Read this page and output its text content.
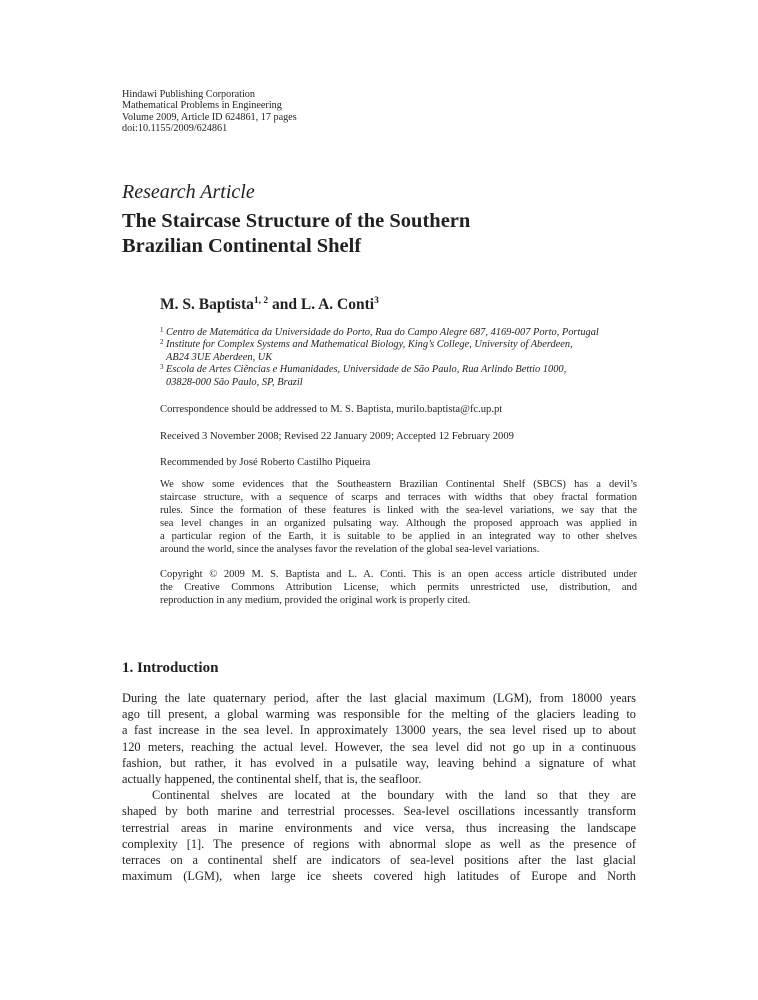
Hindawi Publishing Corporation
Mathematical Problems in Engineering
Volume 2009, Article ID 624861, 17 pages
doi:10.1155/2009/624861
Research Article
The Staircase Structure of the Southern
Brazilian Continental Shelf
M. S. Baptista$^{1, 2}$ and L. A. Conti$^3$
1 Centro de Matemática da Universidade do Porto, Rua do Campo Alegre 687, 4169-007 Porto, Portugal
2 Institute for Complex Systems and Mathematical Biology, King’s College, University of Aberdeen,
AB24 3UE Aberdeen, UK
3 Escola de Artes Ciências e Humanidades, Universidade de São Paulo, Rua Arlindo Bettio 1000,
03828-000 São Paulo, SP, Brazil
Correspondence should be addressed to M. S. Baptista, murilo.baptista@fc.up.pt
Received 3 November 2008; Revised 22 January 2009; Accepted 12 February 2009
Recommended by José Roberto Castilho Piqueira
We show some evidences that the Southeastern Brazilian Continental Shelf (SBCS) has a devil’s
staircase structure, with a sequence of scarps and terraces with widths that obey fractal formation
rules. Since the formation of these features is linked with the sea-level variations, we say that the
sea level changes in an organized pulsating way. Although the proposed approach was applied in
a particular region of the Earth, it is suitable to be applied in an integrated way to other shelves
around the world, since the analyses favor the revelation of the global sea-level variations.
Copyright © 2009 M. S. Baptista and L. A. Conti. This is an open access article distributed under
the Creative Commons Attribution License, which permits unrestricted use, distribution, and
reproduction in any medium, provided the original work is properly cited.
1. Introduction
During the late quaternary period, after the last glacial maximum (LGM), from 18000 years
ago till present, a global warming was responsible for the melting of the glaciers leading to
a fast increase in the sea level. In approximately 13000 years, the sea level rised up to about
120 meters, reaching the actual level. However, the sea level did not go up in a continuous
fashion, but rather, it has evolved in a pulsatile way, leaving behind a signature of what
actually happened, the continental shelf, that is, the seafloor.
Continental shelves are located at the boundary with the land so that they are
shaped by both marine and terrestrial processes. Sea-level oscillations incessantly transform
terrestrial areas in marine environments and vice versa, thus increasing the landscape
complexity [1]. The presence of regions with abnormal slope as well as the presence of
terraces on a continental shelf are indicators of sea-level positions after the last glacial
maximum (LGM), when large ice sheets covered high latitudes of Europe and North
